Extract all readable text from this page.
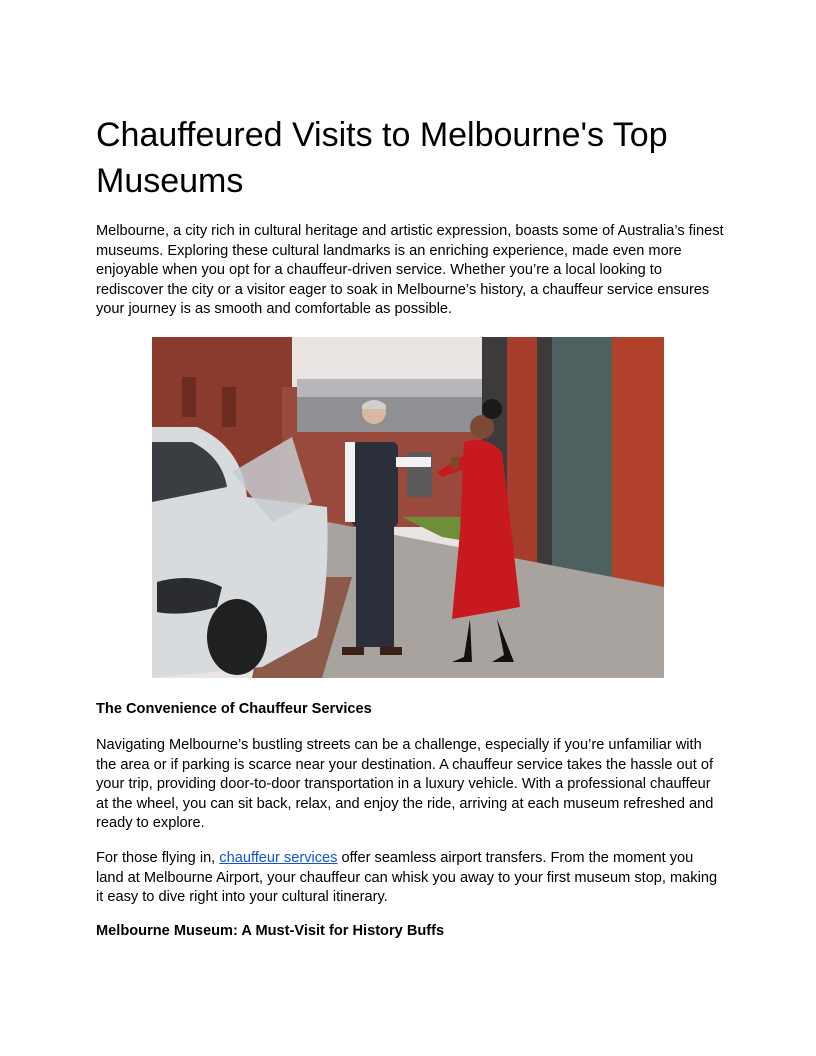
Chauffeured Visits to Melbourne's Top Museums

Melbourne, a city rich in cultural heritage and artistic expression, boasts some of Australia’s finest museums. Exploring these cultural landmarks is an enriching experience, made even more enjoyable when you opt for a chauffeur-driven service. Whether you’re a local looking to rediscover the city or a visitor eager to soak in Melbourne’s history, a chauffeur service ensures your journey is as smooth and comfortable as possible.

The Convenience of Chauffeur Services

Navigating Melbourne’s bustling streets can be a challenge, especially if you’re unfamiliar with the area or if parking is scarce near your destination. A chauffeur service takes the hassle out of your trip, providing door-to-door transportation in a luxury vehicle. With a professional chauffeur at the wheel, you can sit back, relax, and enjoy the ride, arriving at each museum refreshed and ready to explore.

For those flying in, chauffeur services offer seamless airport transfers. From the moment you land at Melbourne Airport, your chauffeur can whisk you away to your first museum stop, making it easy to dive right into your cultural itinerary.

Melbourne Museum: A Must-Visit for History Buffs
